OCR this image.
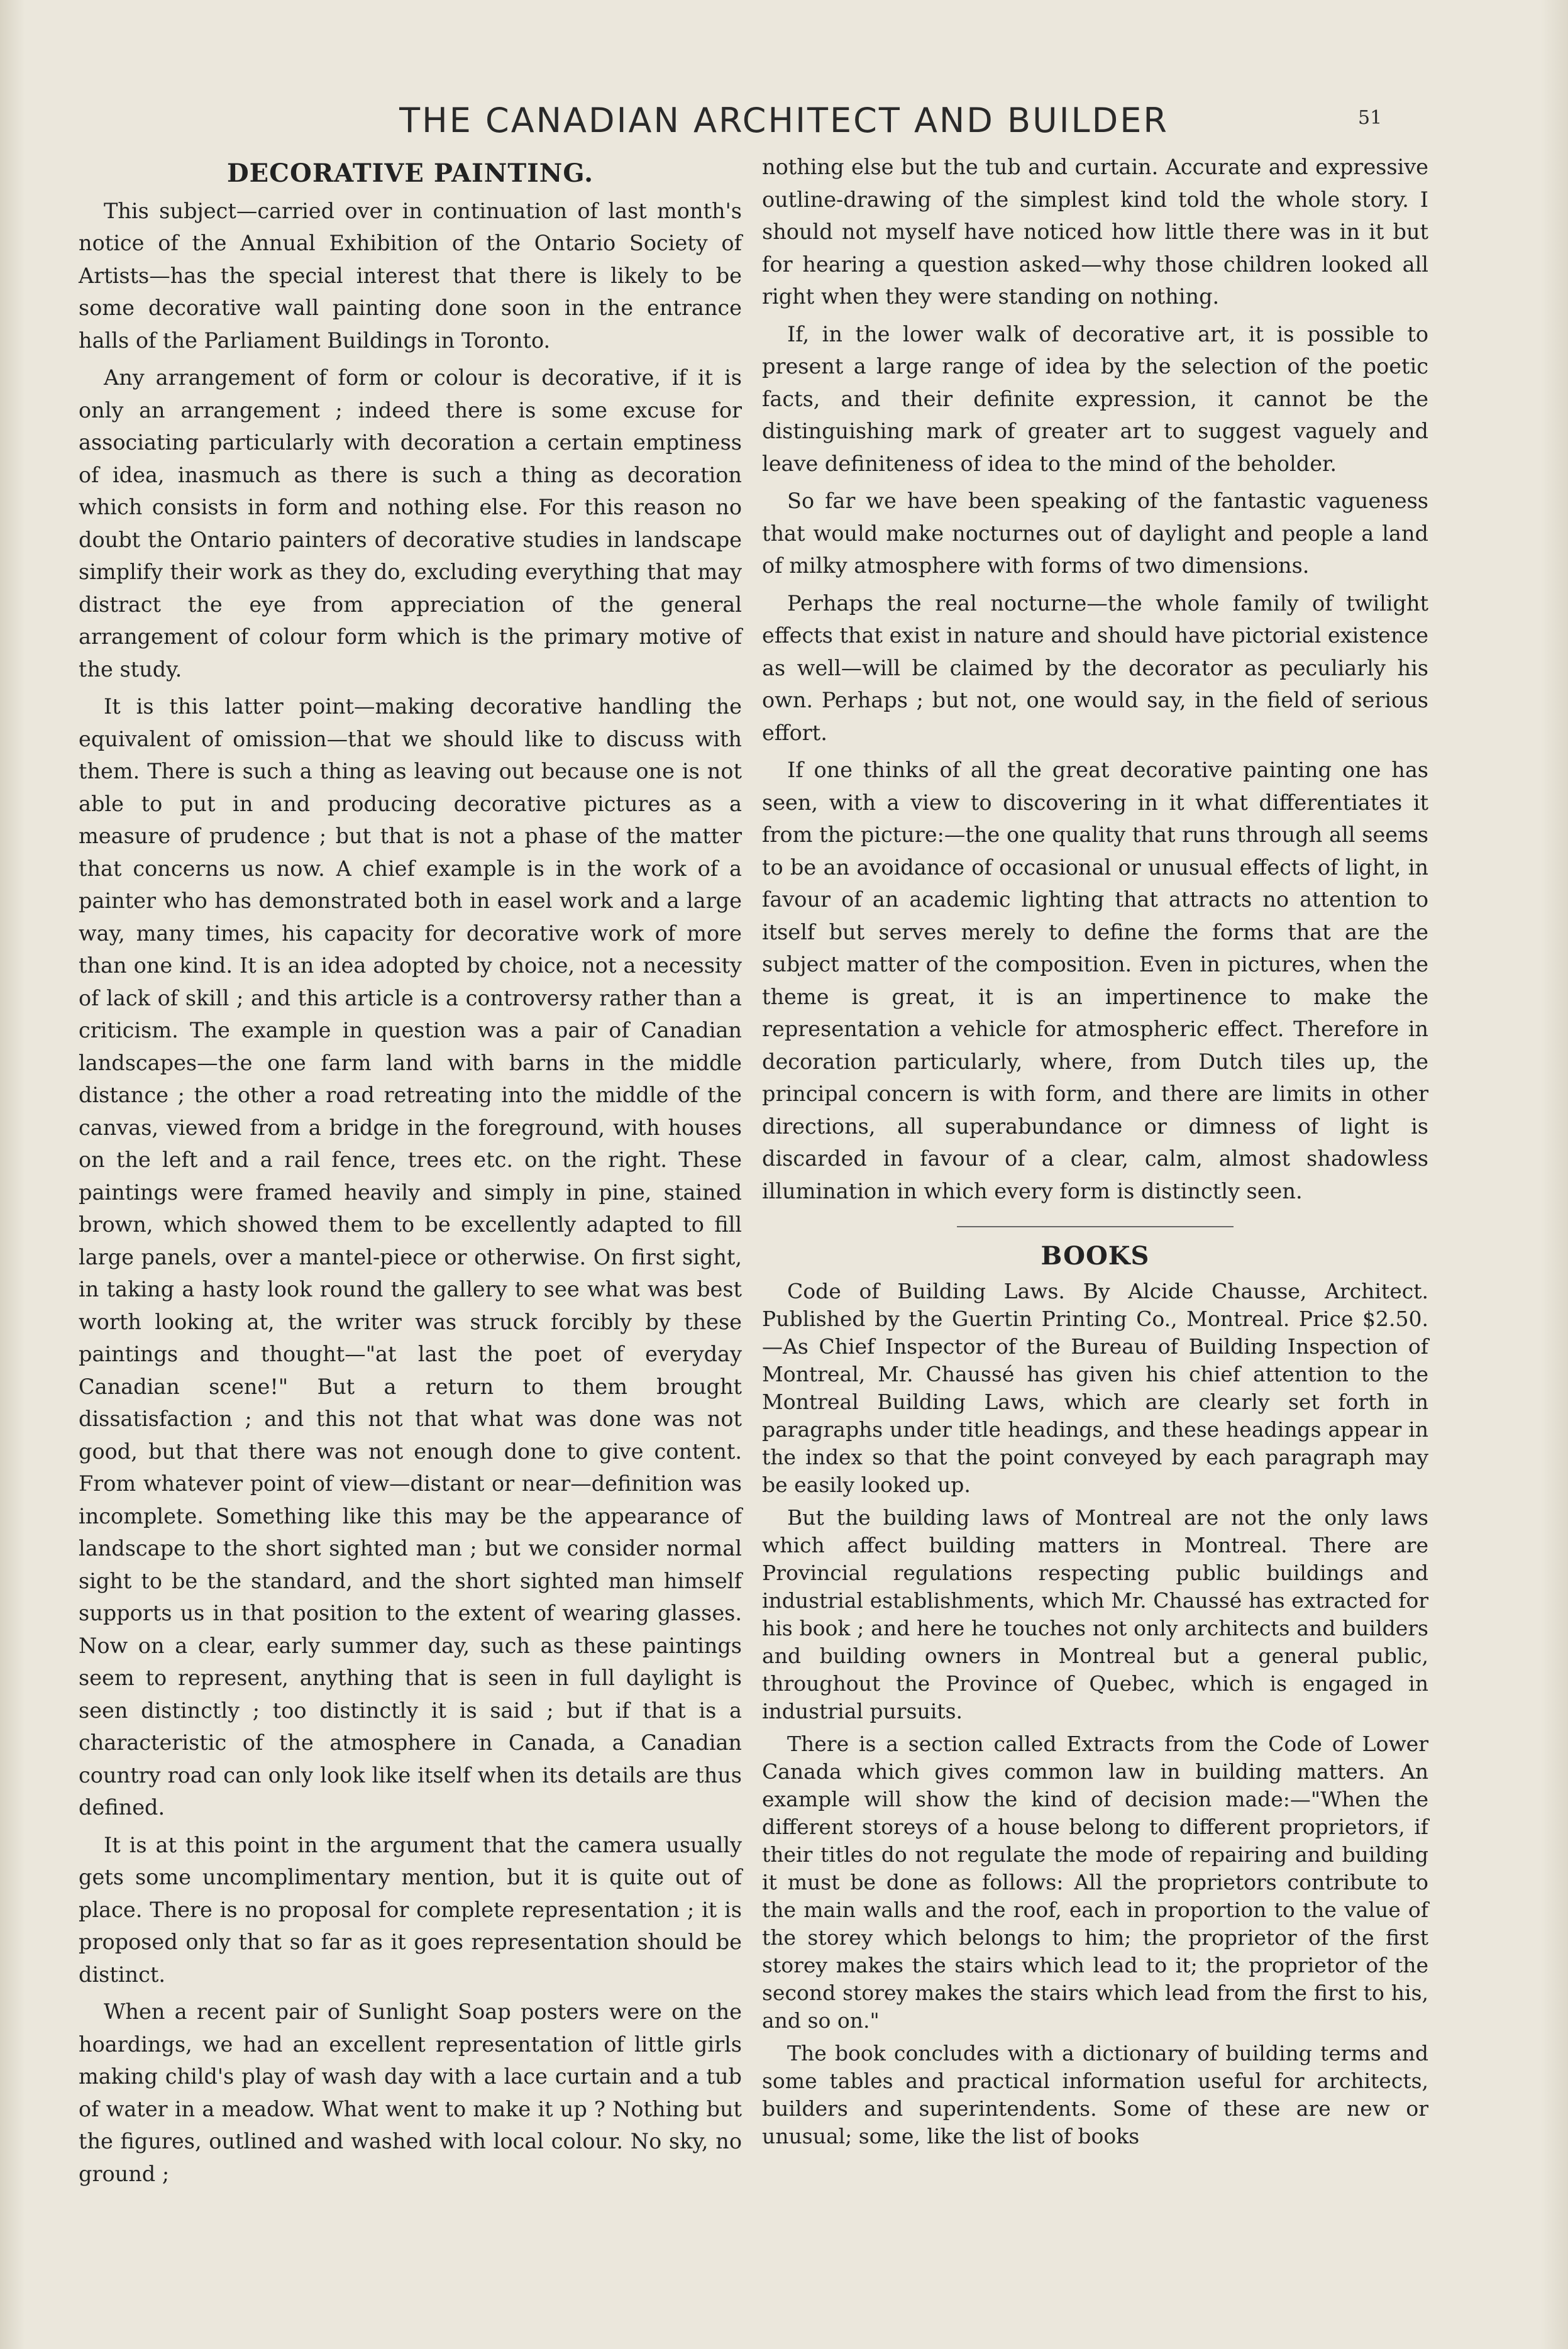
THE CANADIAN ARCHITECT AND BUILDER	51
DECORATIVE PAINTING.

This subject—carried over in continuation of last month's notice of the Annual Exhibition of the Ontario Society of Artists—has the special interest that there is likely to be some decorative wall painting done soon in the entrance halls of the Parliament Buildings in Toronto.

Any arrangement of form or colour is decorative, if it is only an arrangement ; indeed there is some excuse for associating particularly with decoration a certain emptiness of idea, inasmuch as there is such a thing as decoration which consists in form and nothing else. For this reason no doubt the Ontario painters of decorative studies in landscape simplify their work as they do, excluding everything that may distract the eye from appreciation of the general arrangement of colour form which is the primary motive of the study.

It is this latter point—making decorative handling the equivalent of omission—that we should like to discuss with them. There is such a thing as leaving out because one is not able to put in and producing decorative pictures as a measure of prudence ; but that is not a phase of the matter that concerns us now. A chief example is in the work of a painter who has demonstrated both in easel work and a large way, many times, his capacity for decorative work of more than one kind. It is an idea adopted by choice, not a necessity of lack of skill ; and this article is a controversy rather than a criticism. The example in question was a pair of Canadian landscapes—the one farm land with barns in the middle distance ; the other a road retreating into the middle of the canvas, viewed from a bridge in the foreground, with houses on the left and a rail fence, trees etc. on the right. These paintings were framed heavily and simply in pine, stained brown, which showed them to be excellently adapted to fill large panels, over a mantel-piece or otherwise. On first sight, in taking a hasty look round the gallery to see what was best worth looking at, the writer was struck forcibly by these paintings and thought—"at last the poet of everyday Canadian scene!" But a return to them brought dissatisfaction ; and this not that what was done was not good, but that there was not enough done to give content. From whatever point of view—distant or near—definition was incomplete. Something like this may be the appearance of landscape to the short sighted man ; but we consider normal sight to be the standard, and the short sighted man himself supports us in that position to the extent of wearing glasses. Now on a clear, early summer day, such as these paintings seem to represent, anything that is seen in full daylight is seen distinctly ; too distinctly it is said ; but if that is a characteristic of the atmosphere in Canada, a Canadian country road can only look like itself when its details are thus defined.

It is at this point in the argument that the camera usually gets some uncomplimentary mention, but it is quite out of place. There is no proposal for complete representation ; it is proposed only that so far as it goes representation should be distinct.

When a recent pair of Sunlight Soap posters were on the hoardings, we had an excellent representation of little girls making child's play of wash day with a lace curtain and a tub of water in a meadow. What went to make it up ? Nothing but the figures, outlined and washed with local colour. No sky, no ground ;

nothing else but the tub and curtain. Accurate and expressive outline-drawing of the simplest kind told the whole story. I should not myself have noticed how little there was in it but for hearing a question asked—why those children looked all right when they were standing on nothing.

If, in the lower walk of decorative art, it is possible to present a large range of idea by the selection of the poetic facts, and their definite expression, it cannot be the distinguishing mark of greater art to suggest vaguely and leave definiteness of idea to the mind of the beholder.

So far we have been speaking of the fantastic vagueness that would make nocturnes out of daylight and people a land of milky atmosphere with forms of two dimensions.

Perhaps the real nocturne—the whole family of twilight effects that exist in nature and should have pictorial existence as well—will be claimed by the decorator as peculiarly his own. Perhaps ; but not, one would say, in the field of serious effort.

If one thinks of all the great decorative painting one has seen, with a view to discovering in it what differentiates it from the picture:—the one quality that runs through all seems to be an avoidance of occasional or unusual effects of light, in favour of an academic lighting that attracts no attention to itself but serves merely to define the forms that are the subject matter of the composition. Even in pictures, when the theme is great, it is an impertinence to make the representation a vehicle for atmospheric effect. Therefore in decoration particularly, where, from Dutch tiles up, the principal concern is with form, and there are limits in other directions, all superabundance or dimness of light is discarded in favour of a clear, calm, almost shadowless illumination in which every form is distinctly seen.

BOOKS

Code of Building Laws. By Alcide Chausse, Architect. Published by the Guertin Printing Co., Montreal. Price $2.50.—As Chief Inspector of the Bureau of Building Inspection of Montreal, Mr. Chaussé has given his chief attention to the Montreal Building Laws, which are clearly set forth in paragraphs under title headings, and these headings appear in the index so that the point conveyed by each paragraph may be easily looked up.

But the building laws of Montreal are not the only laws which affect building matters in Montreal. There are Provincial regulations respecting public buildings and industrial establishments, which Mr. Chaussé has extracted for his book ; and here he touches not only architects and builders and building owners in Montreal but a general public, throughout the Province of Quebec, which is engaged in industrial pursuits.

There is a section called Extracts from the Code of Lower Canada which gives common law in building matters. An example will show the kind of decision made:—"When the different storeys of a house belong to different proprietors, if their titles do not regulate the mode of repairing and building it must be done as follows: All the proprietors contribute to the main walls and the roof, each in proportion to the value of the storey which belongs to him; the proprietor of the first storey makes the stairs which lead to it; the proprietor of the second storey makes the stairs which lead from the first to his, and so on."

The book concludes with a dictionary of building terms and some tables and practical information useful for architects, builders and superintendents. Some of these are new or unusual; some, like the list of books
